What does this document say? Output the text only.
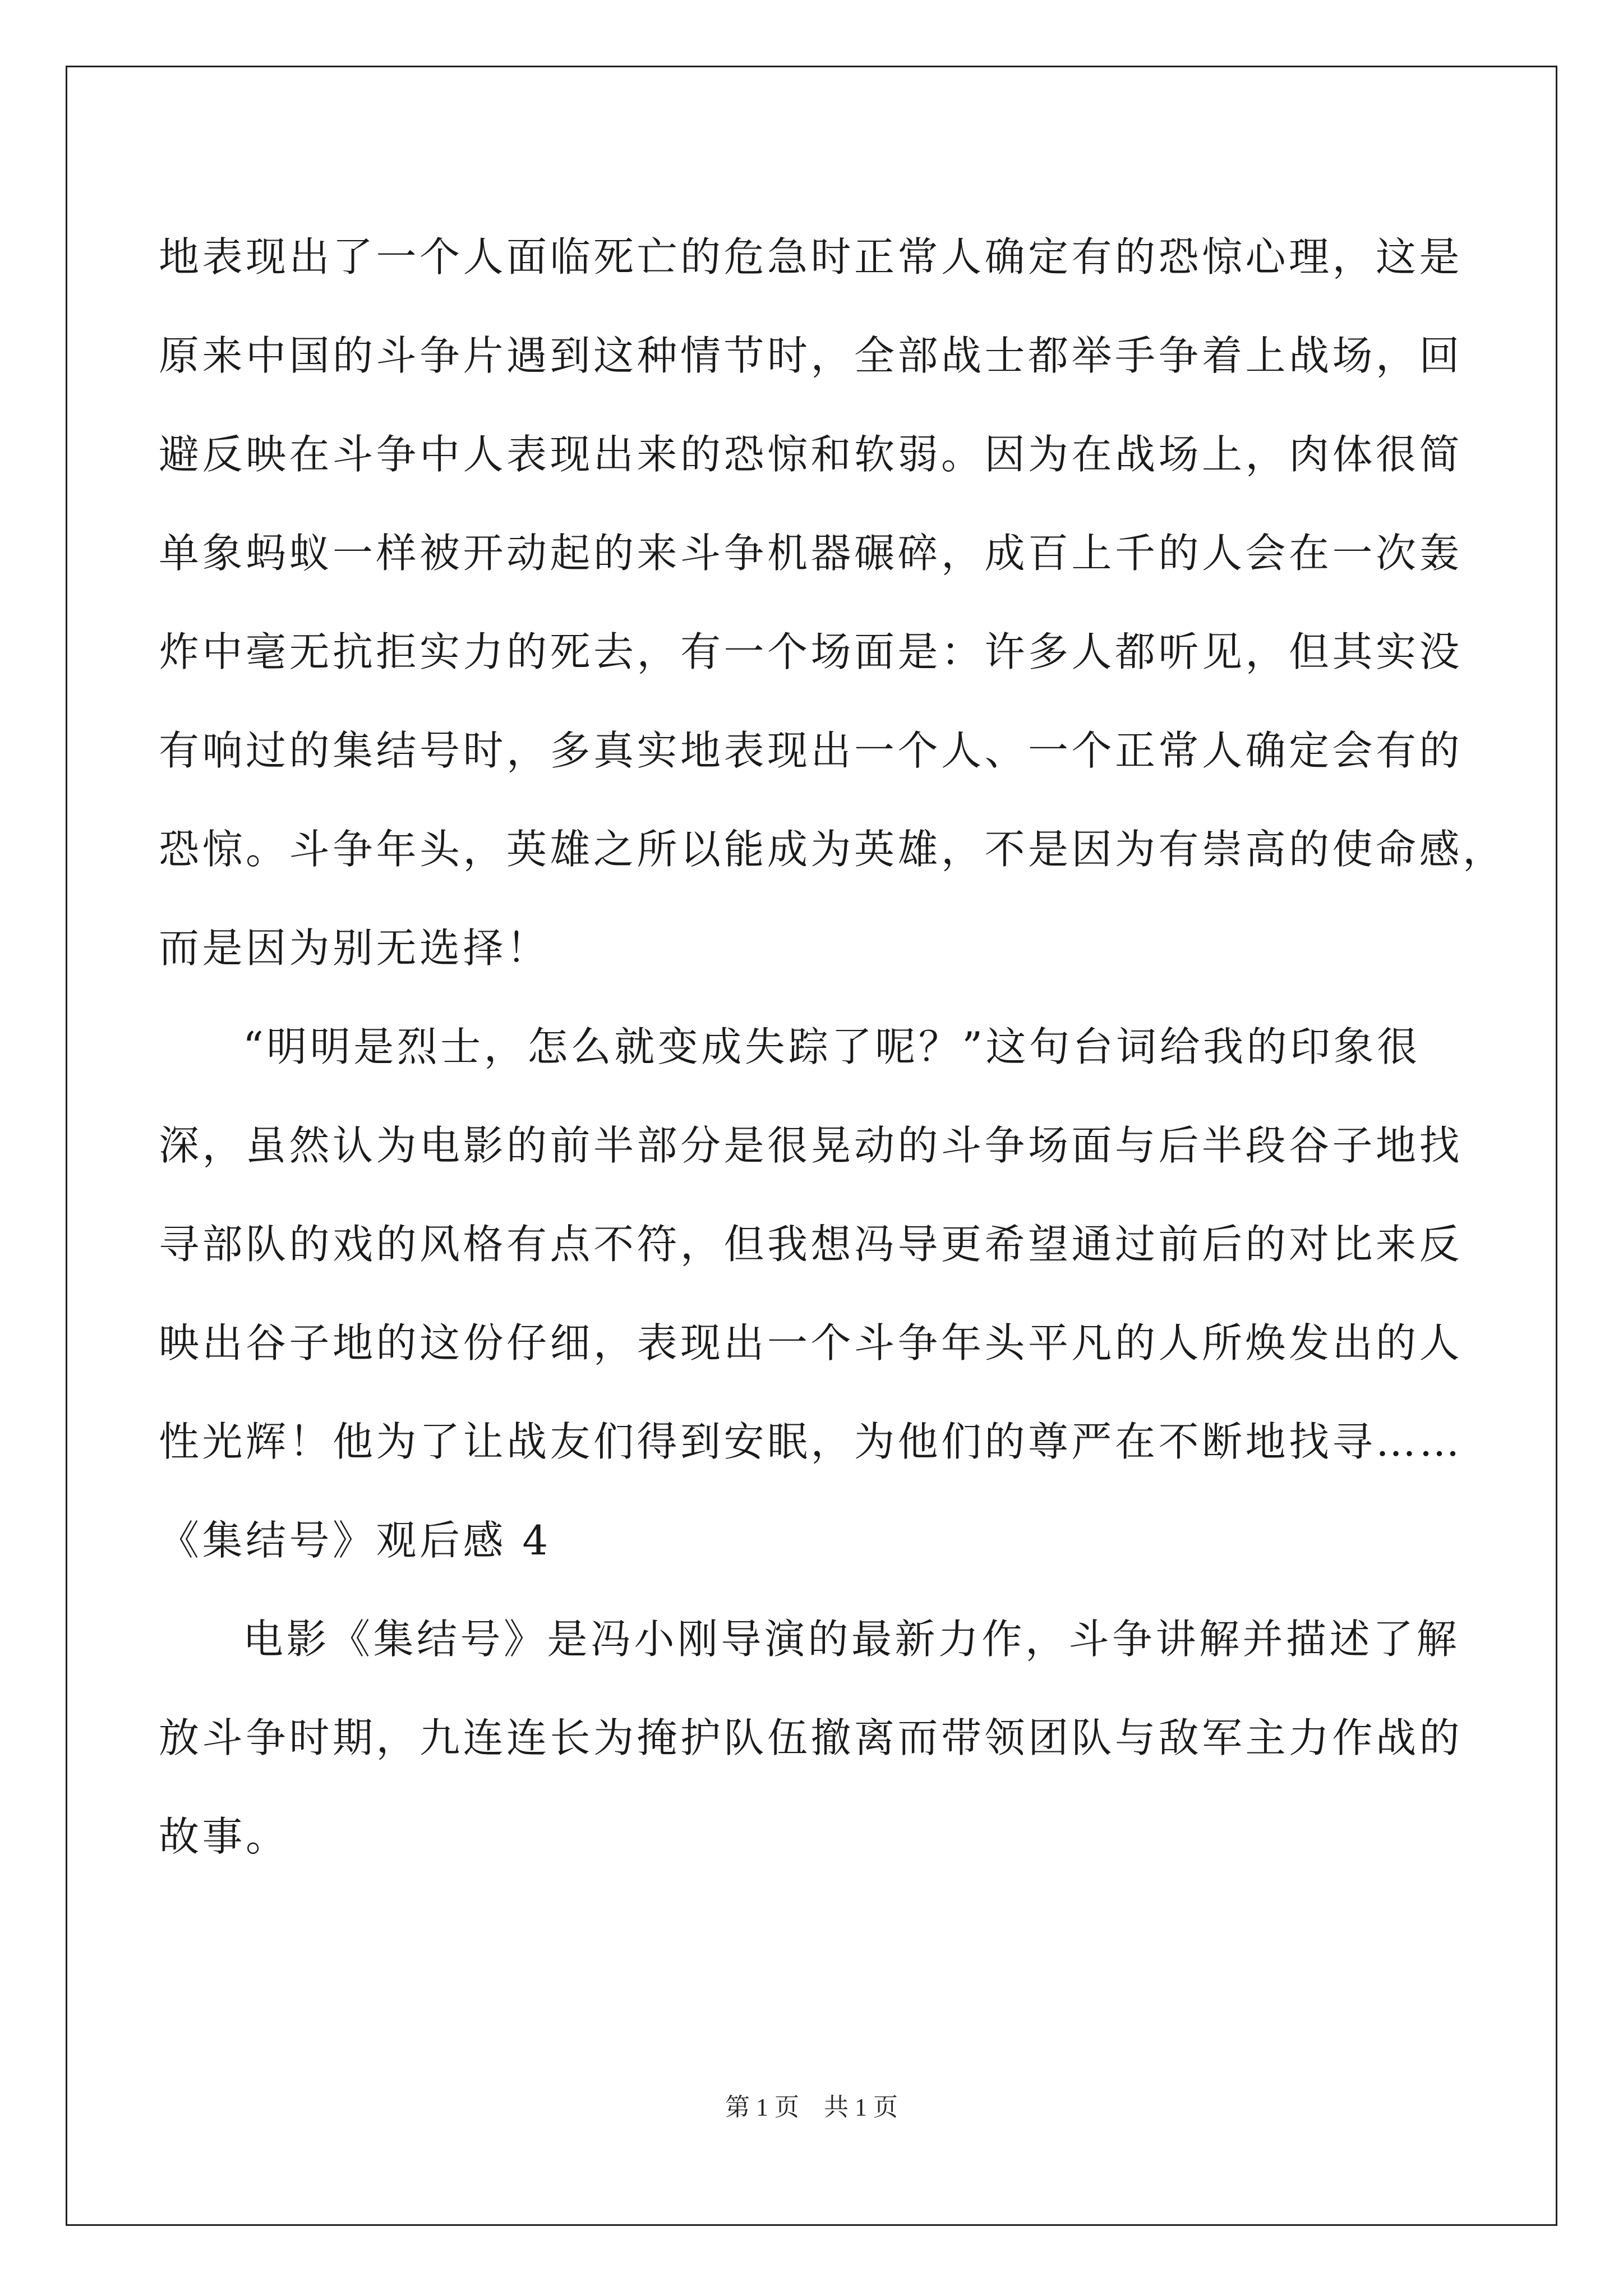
地表现出了一个人面临死亡的危急时正常人确定有的恐惊心理，这是
原来中国的斗争片遇到这种情节时，全部战士都举手争着上战场，回
避反映在斗争中人表现出来的恐惊和软弱。因为在战场上，肉体很简
单象蚂蚁一样被开动起的来斗争机器碾碎，成百上千的人会在一次轰
炸中毫无抗拒实力的死去，有一个场面是：许多人都听见，但其实没
有响过的集结号时，多真实地表现出一个人、一个正常人确定会有的
恐惊。斗争年头，英雄之所以能成为英雄，不是因为有崇高的使命感，
而是因为别无选择！
“明明是烈士，怎么就变成失踪了呢？”这句台词给我的印象很
深，虽然认为电影的前半部分是很晃动的斗争场面与后半段谷子地找
寻部队的戏的风格有点不符，但我想冯导更希望通过前后的对比来反
映出谷子地的这份仔细，表现出一个斗争年头平凡的人所焕发出的人
性光辉！他为了让战友们得到安眠，为他们的尊严在不断地找寻……
《集结号》观后感 4
电影《集结号》是冯小刚导演的最新力作，斗争讲解并描述了解
放斗争时期，九连连长为掩护队伍撤离而带领团队与敌军主力作战的
故事。
第 1 页　共 1 页
